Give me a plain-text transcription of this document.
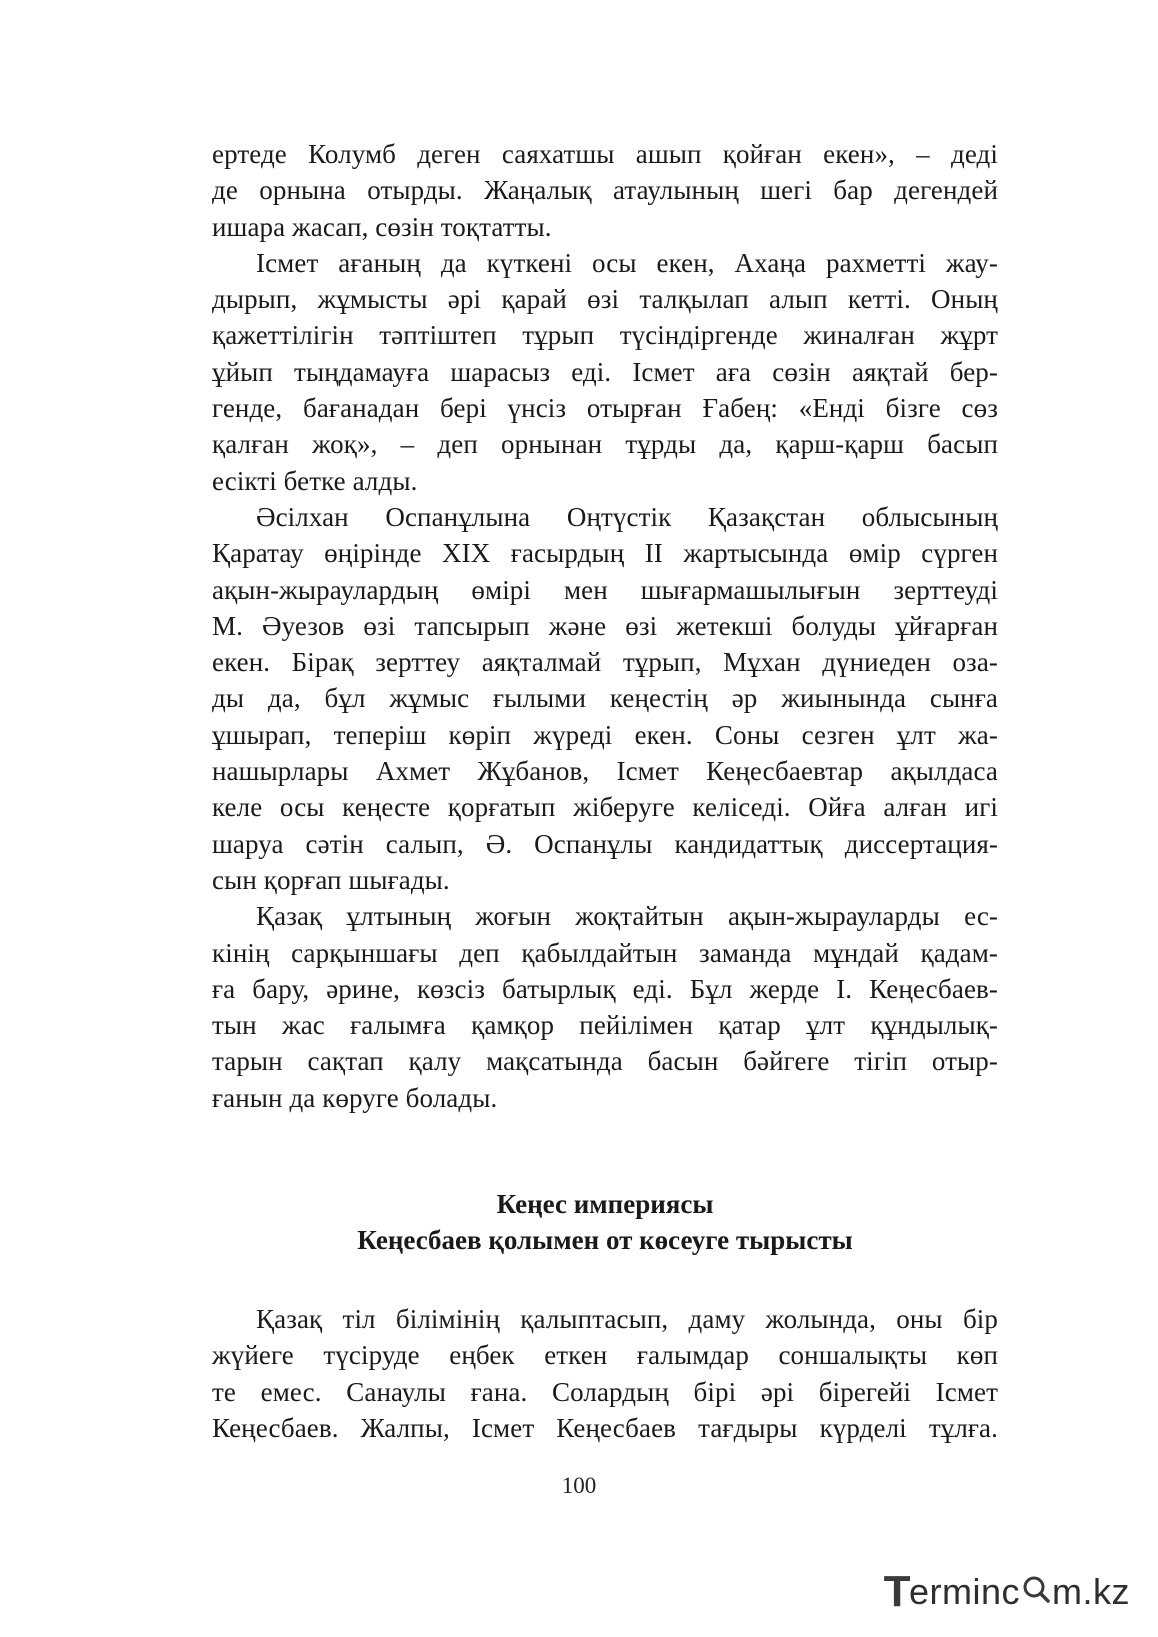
ертеде Колумб деген саяхатшы ашып қойған екен», – деді
де орнына отырды. Жаңалық атаулының шегі бар дегендей
ишара жасап, сөзін тоқтатты.
Ісмет ағаның да күткені осы екен, Ахаңа рахметті жау-
дырып, жұмысты әрі қарай өзі талқылап алып кетті. Оның
қажеттілігін тәптіштеп тұрып түсіндіргенде жиналған жұрт
ұйып тыңдамауға шарасыз еді. Ісмет аға сөзін аяқтай бер-
генде, бағанадан бері үнсіз отырған Ғабең: «Енді бізге сөз
қалған жоқ», – деп орнынан тұрды да, қарш-қарш басып
есікті бетке алды.
Әсілхан Оспанұлына Оңтүстік Қазақстан облысының
Қаратау өңірінде XIX ғасырдың II жартысында өмір сүрген
ақын-жыраулардың өмірі мен шығармашылығын зерттеуді
М. Әуезов өзі тапсырып және өзі жетекші болуды ұйғарған
екен. Бірақ зерттеу аяқталмай тұрып, Мұхан дүниеден оза-
ды да, бұл жұмыс ғылыми кеңестің әр жиынында сынға
ұшырап, тепеpіш көріп жүреді екен. Соны сезген ұлт жа-
нашырлары Ахмет Жұбанов, Ісмет Кеңесбаевтар ақылдаса
келе осы кеңесте қорғатып жіберуге келіседі. Ойға алған игі
шаруа сәтін салып, Ә. Оспанұлы кандидаттық диссертация-
сын қорғап шығады.
Қазақ ұлтының жоғын жоқтайтын ақын-жырауларды ес-
кінің сарқыншағы деп қабылдайтын заманда мұндай қадам-
ға бару, әрине, көзсіз батырлық еді. Бұл жерде І. Кеңесбаев-
тын жас ғалымға қамқор пейілімен қатар ұлт құндылық-
тарын сақтап қалу мақсатында басын бәйгеге тігіп отыр-
ғанын да көруге болады.
Кеңес империясы
Кеңесбаев қолымен от көсеуге тырысты
Қазақ тіл білімінің қалыптасып, даму жолында, оны бір
жүйеге түсіруде еңбек еткен ғалымдар соншалықты көп
те емес. Санаулы ғана. Солардың бірі әрі бірегейі Ісмет
Кеңесбаев. Жалпы, Ісмет Кеңесбаев тағдыры күрделі тұлға.
100
T
erminc m.kz
